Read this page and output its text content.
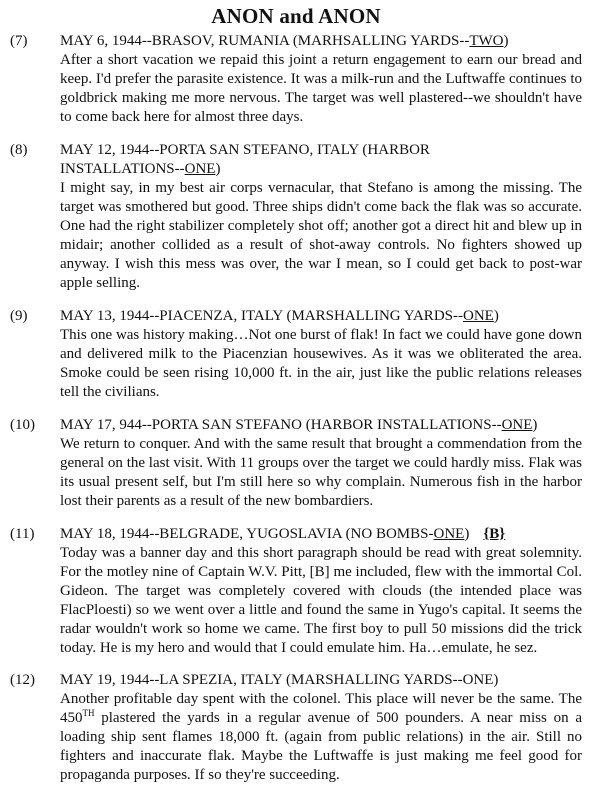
ANON and ANON
(7)	MAY 6, 1944--BRASOV, RUMANIA (MARHSALLING YARDS--TWO)
After a short vacation we repaid this joint a return engagement to earn our bread and keep. I'd prefer the parasite existence. It was a milk-run and the Luftwaffe continues to goldbrick making me more nervous. The target was well plastered--we shouldn't have to come back here for almost three days.
(8)	MAY 12, 1944--PORTA SAN STEFANO, ITALY (HARBOR
INSTALLATIONS--ONE)
I might say, in my best air corps vernacular, that Stefano is among the missing. The target was smothered but good. Three ships didn't come back the flak was so accurate. One had the right stabilizer completely shot off; another got a direct hit and blew up in midair; another collided as a result of shot-away controls. No fighters showed up anyway. I wish this mess was over, the war I mean, so I could get back to post-war apple selling.
(9)	MAY 13, 1944--PIACENZA, ITALY (MARSHALLING YARDS--ONE)
This one was history making…Not one burst of flak! In fact we could have gone down and delivered milk to the Piacenzian housewives. As it was we obliterated the area. Smoke could be seen rising 10,000 ft. in the air, just like the public relations releases tell the civilians.
(10)	MAY 17, 944--PORTA SAN STEFANO (HARBOR INSTALLATIONS--ONE)
We return to conquer. And with the same result that brought a commendation from the general on the last visit. With 11 groups over the target we could hardly miss. Flak was its usual present self, but I'm still here so why complain. Numerous fish in the harbor lost their parents as a result of the new bombardiers.
(11)	MAY 18, 1944--BELGRADE, YUGOSLAVIA (NO BOMBS-ONE) {B}
Today was a banner day and this short paragraph should be read with great solemnity. For the motley nine of Captain W.V. Pitt, [B] me included, flew with the immortal Col. Gideon. The target was completely covered with clouds (the intended place was FlacPloesti) so we went over a little and found the same in Yugo's capital. It seems the radar wouldn't work so home we came. The first boy to pull 50 missions did the trick today. He is my hero and would that I could emulate him. Ha…emulate, he sez.
(12)	MAY 19, 1944--LA SPEZIA, ITALY (MARSHALLING YARDS--ONE)
Another profitable day spent with the colonel. This place will never be the same. The 450TH plastered the yards in a regular avenue of 500 pounders. A near miss on a loading ship sent flames 18,000 ft. (again from public relations) in the air. Still no fighters and inaccurate flak. Maybe the Luftwaffe is just making me feel good for propaganda purposes. If so they're succeeding.
